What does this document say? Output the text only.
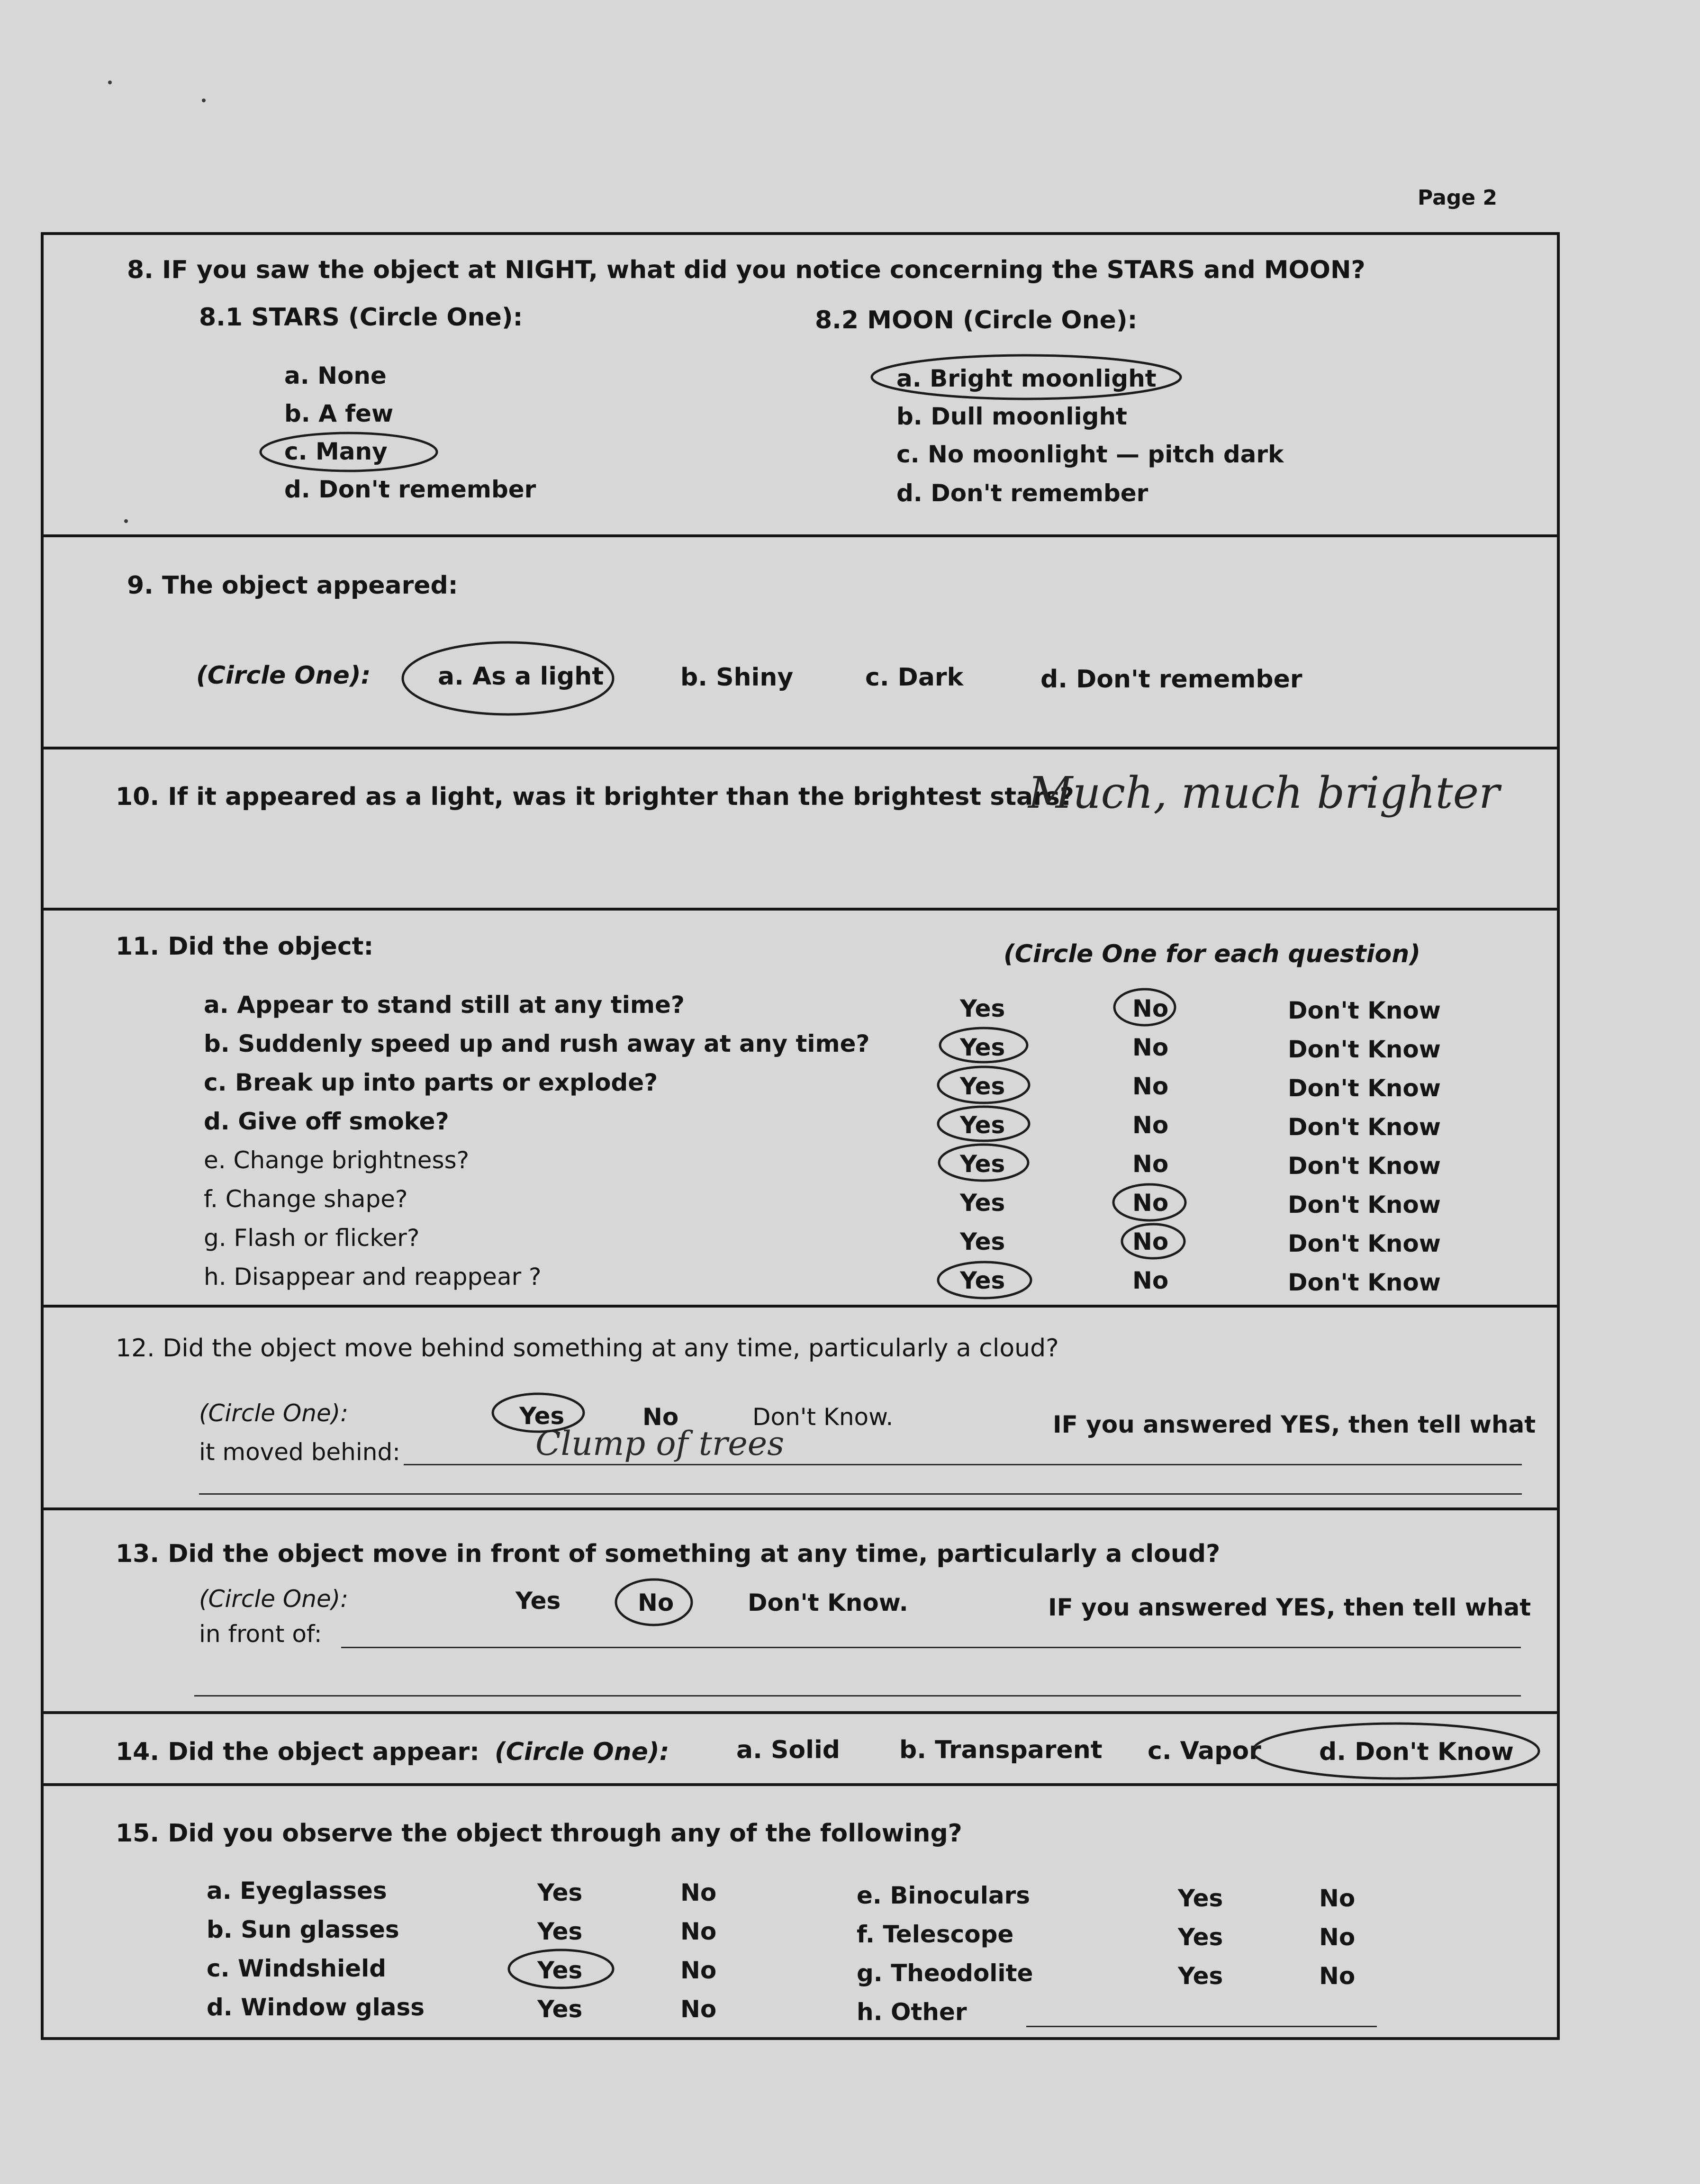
Page 2
8. IF you saw the object at NIGHT, what did you notice concerning the STARS and MOON?
8.1 STARS (Circle One):	8.2 MOON (Circle One):
a. None
b. A few
c. Many
d. Don't remember
a. Bright moonlight
b. Dull moonlight
c. No moonlight — pitch dark
d. Don't remember
9. The object appeared:
(Circle One):	a. As a light	b. Shiny	c. Dark	d. Don't remember
10. If it appeared as a light, was it brighter than the brightest stars?
Much, much brighter
11. Did the object:	(Circle One for each question)
a. Appear to stand still at any time?	Yes	No	Don't Know
b. Suddenly speed up and rush away at any time?	Yes	No	Don't Know
c. Break up into parts or explode?	Yes	No	Don't Know
d. Give off smoke?	Yes	No	Don't Know
e. Change brightness?	Yes	No	Don't Know
f. Change shape?	Yes	No	Don't Know
g. Flash or flicker?	Yes	No	Don't Know
h. Disappear and reappear ?	Yes	No	Don't Know
12. Did the object move behind something at any time, particularly a cloud?
(Circle One):	Yes	No	Don't Know.	IF you answered YES, then tell what
it moved behind:	Clump of trees
13. Did the object move in front of something at any time, particularly a cloud?
(Circle One):	Yes	No	Don't Know.	IF you answered YES, then tell what
in front of:
14. Did the object appear: (Circle One):	a. Solid b. Transparent c. Vapor d. Don't Know
15. Did you observe the object through any of the following?
a. Eyeglasses	Yes	No
b. Sun glasses	Yes	No
c. Windshield	Yes	No
d. Window glass	Yes	No
e. Binoculars	Yes	No
f. Telescope	Yes	No
g. Theodolite	Yes	No
h. Other
